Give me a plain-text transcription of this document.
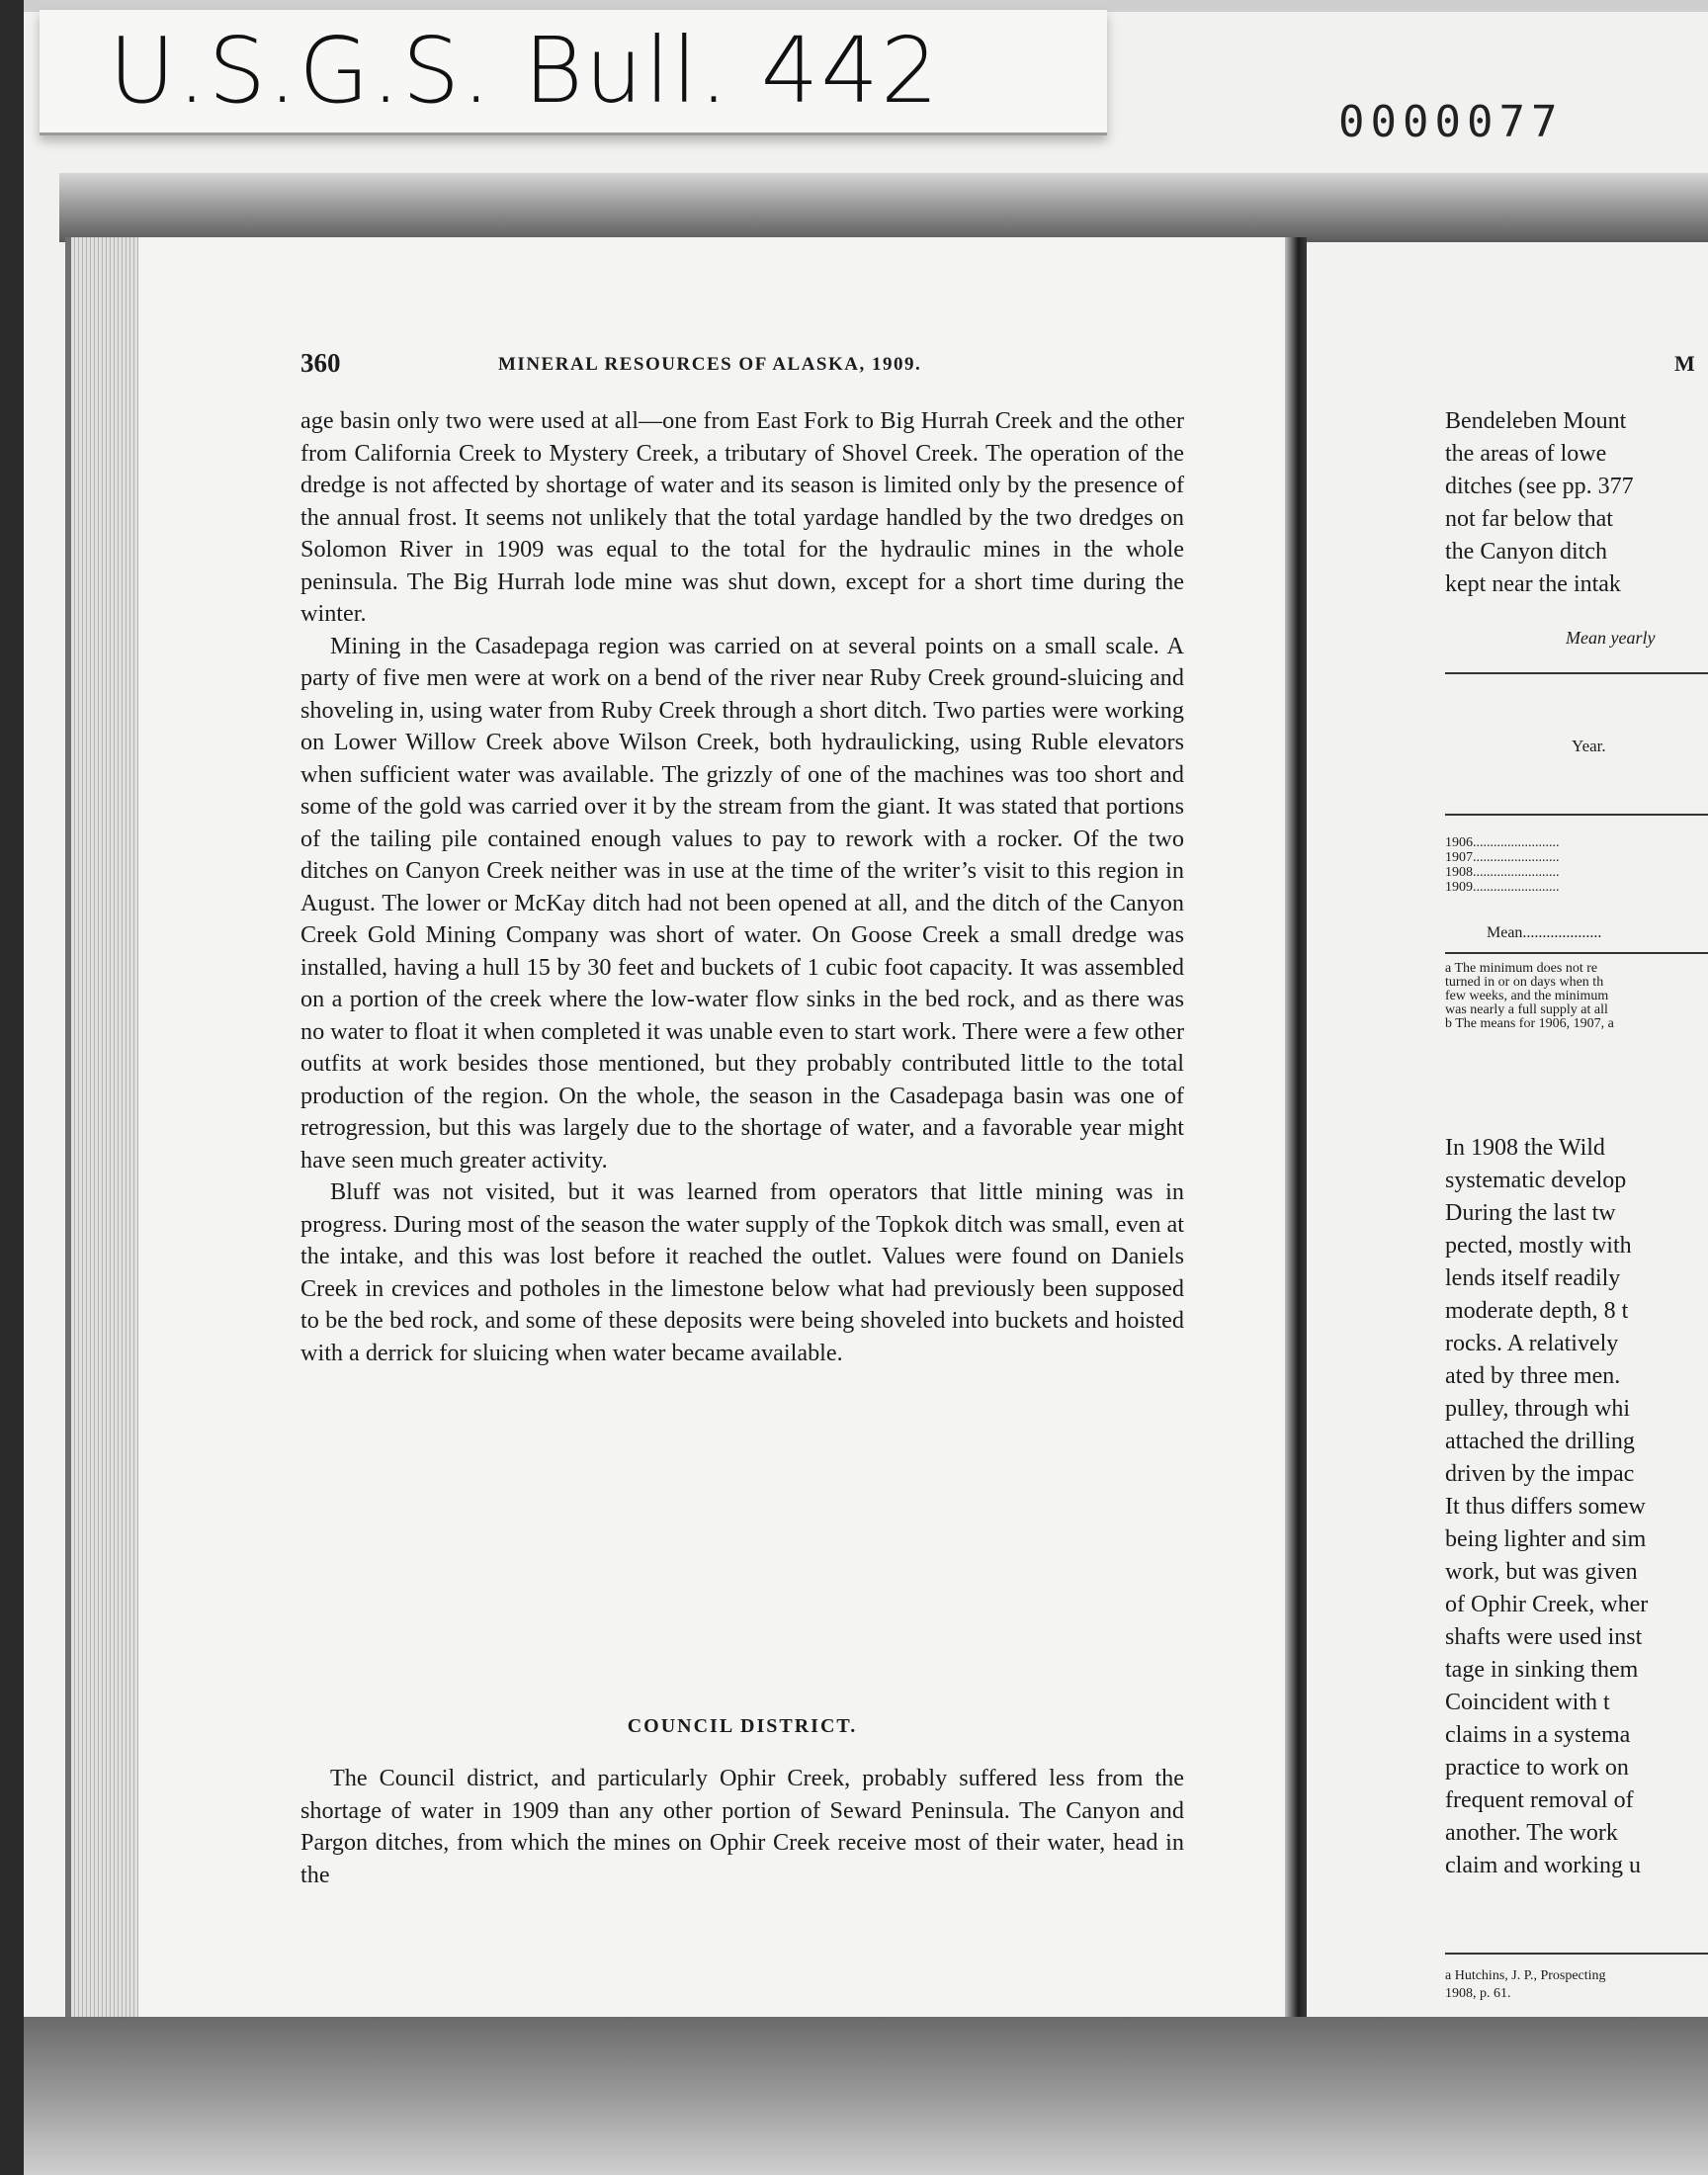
U.S.G.S. Bull. 442	0000077
360	MINERAL RESOURCES OF ALASKA, 1909.

age basin only two were used at all—one from East Fork to Big Hurrah Creek and the other from California Creek to Mystery Creek, a tributary of Shovel Creek. The operation of the dredge is not affected by shortage of water and its season is limited only by the presence of the annual frost. It seems not unlikely that the total yardage handled by the two dredges on Solomon River in 1909 was equal to the total for the hydraulic mines in the whole peninsula. The Big Hurrah lode mine was shut down, except for a short time during the winter.

Mining in the Casadepaga region was carried on at several points on a small scale. A party of five men were at work on a bend of the river near Ruby Creek ground-sluicing and shoveling in, using water from Ruby Creek through a short ditch. Two parties were working on Lower Willow Creek above Wilson Creek, both hydraulicking, using Ruble elevators when sufficient water was available. The grizzly of one of the machines was too short and some of the gold was carried over it by the stream from the giant. It was stated that portions of the tailing pile contained enough values to pay to rework with a rocker. Of the two ditches on Canyon Creek neither was in use at the time of the writer’s visit to this region in August. The lower or McKay ditch had not been opened at all, and the ditch of the Canyon Creek Gold Mining Company was short of water. On Goose Creek a small dredge was installed, having a hull 15 by 30 feet and buckets of 1 cubic foot capacity. It was assembled on a portion of the creek where the low-water flow sinks in the bed rock, and as there was no water to float it when completed it was unable even to start work. There were a few other outfits at work besides those mentioned, but they probably contributed little to the total production of the region. On the whole, the season in the Casadepaga basin was one of retrogression, but this was largely due to the shortage of water, and a favorable year might have seen much greater activity.

Bluff was not visited, but it was learned from operators that little mining was in progress. During most of the season the water supply of the Topkok ditch was small, even at the intake, and this was lost before it reached the outlet. Values were found on Daniels Creek in crevices and potholes in the limestone below what had previously been supposed to be the bed rock, and some of these deposits were being shoveled into buckets and hoisted with a derrick for sluicing when water became available.

COUNCIL DISTRICT.

The Council district, and particularly Ophir Creek, probably suffered less from the shortage of water in 1909 than any other portion of Seward Peninsula. The Canyon and Pargon ditches, from which the mines on Ophir Creek receive most of their water, head in the

M
Bendeleben Mount
the areas of lowe
ditches (see pp. 377
not far below that
the Canyon ditch
kept near the intak
Mean yearly
Year.
1906.........................
1907.........................
1908.........................
1909.........................
Mean....................
a The minimum does not re
turned in or on days when th
few weeks, and the minimum
was nearly a full supply at all
b The means for 1906, 1907, a
In 1908 the Wild
systematic develop
During the last tw
pected, mostly with
lends itself readily
moderate depth, 8 t
rocks. A relatively
ated by three men.
pulley, through whi
attached the drilling
driven by the impac
It thus differs somew
being lighter and sim
work, but was given
of Ophir Creek, wher
shafts were used inst
tage in sinking them
Coincident with t
claims in a systema
practice to work on
frequent removal of
another. The work
claim and working u
a Hutchins, J. P., Prospecting
1908, p. 61.
